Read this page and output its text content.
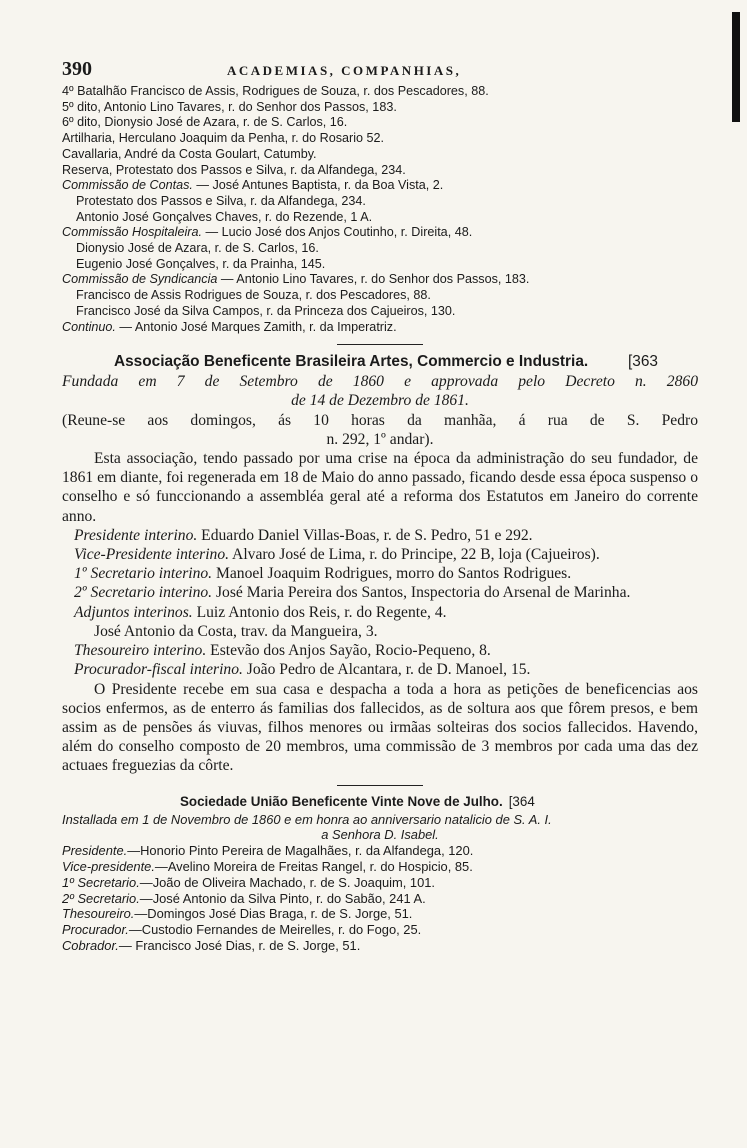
390	ACADEMIAS, COMPANHIAS,

4º Batalhão Francisco de Assis, Rodrigues de Souza, r. dos Pescadores, 88.

5º dito, Antonio Lino Tavares, r. do Senhor dos Passos, 183.

6º dito, Dionysio José de Azara, r. de S. Carlos, 16.

Artilharia, Herculano Joaquim da Penha, r. do Rosario 52.

Cavallaria, André da Costa Goulart, Catumby.

Reserva, Protestato dos Passos e Silva, r. da Alfandega, 234.

Commissão de Contas. — José Antunes Baptista, r. da Boa Vista, 2.

Protestato dos Passos e Silva, r. da Alfandega, 234.

Antonio José Gonçalves Chaves, r. do Rezende, 1 A.

Commissão Hospitaleira. — Lucio José dos Anjos Coutinho, r. Direita, 48.

Dionysio José de Azara, r. de S. Carlos, 16.

Eugenio José Gonçalves, r. da Prainha, 145.

Commissão de Syndicancia — Antonio Lino Tavares, r. do Senhor dos Passos, 183.

Francisco de Assis Rodrigues de Souza, r. dos Pescadores, 88.

Francisco José da Silva Campos, r. da Princeza dos Cajueiros, 130.

Continuo. — Antonio José Marques Zamith, r. da Imperatriz.

Associação Beneficente Brasileira Artes, Commercio e Industria.	[363

Fundada em 7 de Setembro de 1860 e approvada pelo Decreto n. 2860

de 14 de Dezembro de 1861.

(Reune-se aos domingos, ás 10 horas da manhãa, á rua de S. Pedro

n. 292, 1º andar).

Esta associação, tendo passado por uma crise na época da administração do seu fundador, de 1861 em diante, foi regenerada em 18 de Maio do anno passado, ficando desde essa época suspenso o conselho e só funccionando a assembléa geral até a reforma dos Estatutos em Janeiro do corrente anno.

Presidente interino. Eduardo Daniel Villas-Boas, r. de S. Pedro, 51 e 292.

Vice-Presidente interino. Alvaro José de Lima, r. do Principe, 22 B, loja (Cajueiros).

1º Secretario interino. Manoel Joaquim Rodrigues, morro do Santos Rodrigues.

2º Secretario interino. José Maria Pereira dos Santos, Inspectoria do Arsenal de Marinha.

Adjuntos interinos. Luiz Antonio dos Reis, r. do Regente, 4.

José Antonio da Costa, trav. da Mangueira, 3.

Thesoureiro interino. Estevão dos Anjos Sayão, Rocio-Pequeno, 8.

Procurador-fiscal interino. João Pedro de Alcantara, r. de D. Manoel, 15.

O Presidente recebe em sua casa e despacha a toda a hora as petições de beneficencias aos socios enfermos, as de enterro ás familias dos fallecidos, as de soltura aos que fôrem presos, e bem assim as de pensões ás viuvas, filhos menores ou irmãas solteiras dos socios fallecidos. Havendo, além do conselho composto de 20 membros, uma commissão de 3 membros por cada uma das dez actuaes freguezias da côrte.

Sociedade União Beneficente Vinte Nove de Julho. [364

Installada em 1 de Novembro de 1860 e em honra ao anniversario natalicio de S. A. I.

a Senhora D. Isabel.

Presidente.—Honorio Pinto Pereira de Magalhães, r. da Alfandega, 120.

Vice-presidente.—Avelino Moreira de Freitas Rangel, r. do Hospicio, 85.

1º Secretario.—João de Oliveira Machado, r. de S. Joaquim, 101.

2º Secretario.—José Antonio da Silva Pinto, r. do Sabão, 241 A.

Thesoureiro.—Domingos José Dias Braga, r. de S. Jorge, 51.

Procurador.—Custodio Fernandes de Meirelles, r. do Fogo, 25.

Cobrador.— Francisco José Dias, r. de S. Jorge, 51.
